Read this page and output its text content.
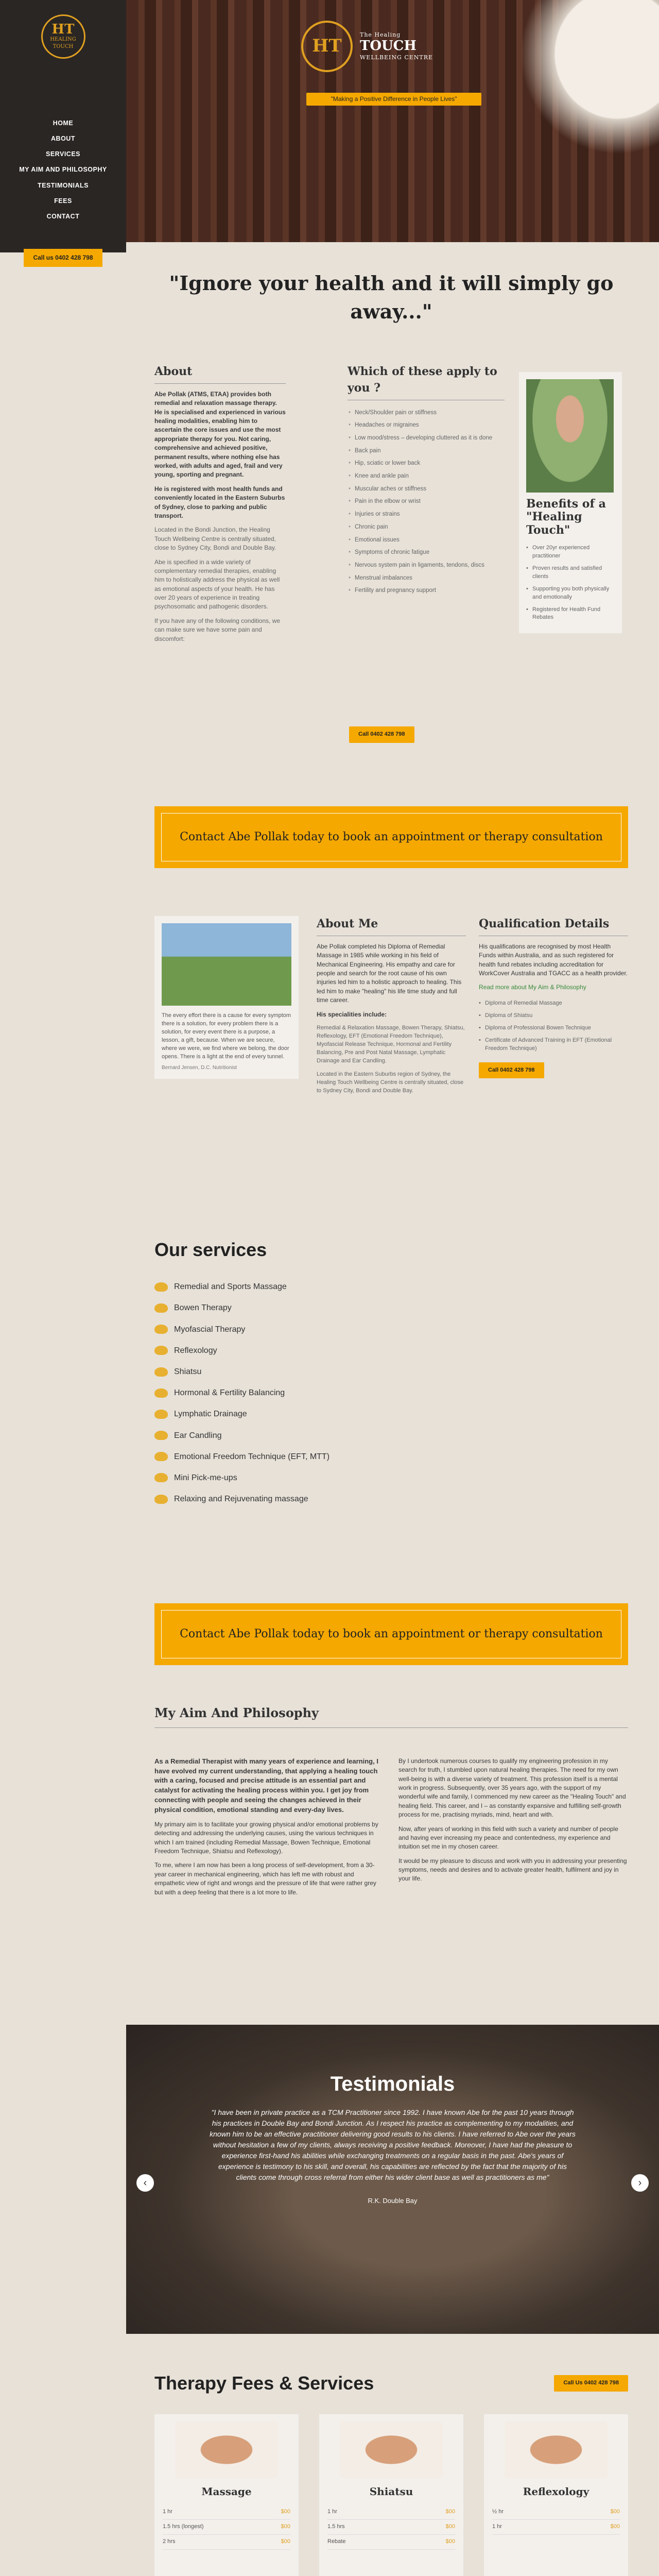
HT
HEALING TOUCH
HOME
ABOUT
SERVICES
MY AIM AND PHILOSOPHY
TESTIMONIALS
FEES
CONTACT
Call us 0402 428 798
HT
The Healing
TOUCH
WELLBEING CENTRE
"Making a Positive Difference in People Lives"
"Ignore your health and it will simply go away..."
About

Abe Pollak (ATMS, ETAA) provides both remedial and relaxation massage therapy. He is specialised and experienced in various healing modalities, enabling him to ascertain the core issues and use the most appropriate therapy for you. Not caring, comprehensive and achieved positive, permanent results, where nothing else has worked, with adults and aged, frail and very young, sporting and pregnant.

He is registered with most health funds and conveniently located in the Eastern Suburbs of Sydney, close to parking and public transport.

Located in the Bondi Junction, the Healing Touch Wellbeing Centre is centrally situated, close to Sydney City, Bondi and Double Bay.

Abe is specified in a wide variety of complementary remedial therapies, enabling him to holistically address the physical as well as emotional aspects of your health. He has over 20 years of experience in treating psychosomatic and pathogenic disorders.

If you have any of the following conditions, we can make sure we have some pain and discomfort:

Which of these apply to you ?
• Neck/Shoulder pain or stiffness
• Headaches or migraines
• Low mood/stress – developing cluttered as it is done
• Back pain
• Hip, sciatic or lower back
• Knee and ankle pain
• Muscular aches or stiffness
• Pain in the elbow or wrist
• Injuries or strains
• Chronic pain
• Emotional issues
• Symptoms of chronic fatigue
• Nervous system pain in ligaments, tendons, discs
• Menstrual imbalances
• Fertility and pregnancy support
Benefits of a "Healing Touch"
• Over 20yr experienced practitioner
• Proven results and satisfied clients
• Supporting you both physically and emotionally
• Registered for Health Fund Rebates
Call 0402 428 798
Contact Abe Pollak today to book an appointment or therapy consultation

The every effort there is a cause for every symptom there is a solution, for every problem there is a solution, for every event there is a purpose, a lesson, a gift, because. When we are secure, where we were, we find where we belong, the door opens. There is a light at the end of every tunnel.

Bernard Jensen, D.C. Nutritionist
About Me

Abe Pollak completed his Diploma of Remedial Massage in 1985 while working in his field of Mechanical Engineering. His empathy and care for people and search for the root cause of his own injuries led him to a holistic approach to healing. This led him to make "healing" his life time study and full time career.

His specialities include:

Remedial & Relaxation Massage, Bowen Therapy, Shiatsu, Reflexology, EFT (Emotional Freedom Technique), Myofascial Release Technique, Hormonal and Fertility Balancing, Pre and Post Natal Massage, Lymphatic Drainage and Ear Candling.

Located in the Eastern Suburbs region of Sydney, the Healing Touch Wellbeing Centre is centrally situated, close to Sydney City, Bondi and Double Bay.

Qualification Details

His qualifications are recognised by most Health Funds within Australia, and as such registered for health fund rebates including accreditation for WorkCover Australia and TGACC as a health provider.

Read more about My Aim & Philosophy

• Diploma of Remedial Massage
• Diploma of Shiatsu
• Diploma of Professional Bowen Technique
• Certificate of Advanced Training in EFT (Emotional Freedom Technique)
Call 0402 428 798
Our services
Remedial and Sports Massage
Bowen Therapy
Myofascial Therapy
Reflexology
Shiatsu
Hormonal & Fertility Balancing
Lymphatic Drainage
Ear Candling
Emotional Freedom Technique (EFT, MTT)
Mini Pick-me-ups
Relaxing and Rejuvenating massage
Contact Abe Pollak today to book an appointment or therapy consultation
My Aim And Philosophy

As a Remedial Therapist with many years of experience and learning, I have evolved my current understanding, that applying a healing touch with a caring, focused and precise attitude is an essential part and catalyst for activating the healing process within you. I get joy from connecting with people and seeing the changes achieved in their physical condition, emotional standing and every-day lives.

My primary aim is to facilitate your growing physical and/or emotional problems by detecting and addressing the underlying causes, using the various techniques in which I am trained (including Remedial Massage, Bowen Technique, Emotional Freedom Technique, Shiatsu and Reflexology).

To me, where I am now has been a long process of self-development, from a 30-year career in mechanical engineering, which has left me with robust and empathetic view of right and wrongs and the pressure of life that were rather grey but with a deep feeling that there is a lot more to life.

By I undertook numerous courses to qualify my engineering profession in my search for truth, I stumbled upon natural healing therapies. The need for my own well-being is with a diverse variety of treatment. This profession itself is a mental work in progress. Subsequently, over 35 years ago, with the support of my wonderful wife and family, I commenced my new career as the "Healing Touch" and healing field. This career, and I – as constantly expansive and fulfilling self-growth process for me, practising myriads, mind, heart and with.

Now, after years of working in this field with such a variety and number of people and having ever increasing my peace and contentedness, my experience and intuition set me in my chosen career.

It would be my pleasure to discuss and work with you in addressing your presenting symptoms, needs and desires and to activate greater health, fulfilment and joy in your life.

Testimonials

"I have been in private practice as a TCM Practitioner since 1992. I have known Abe for the past 10 years through his practices in Double Bay and Bondi Junction. As I respect his practice as complementing to my modalities, and known him to be an effective practitioner delivering good results to his clients. I have referred to Abe over the years without hesitation a few of my clients, always receiving a positive feedback. Moreover, I have had the pleasure to experience first-hand his abilities while exchanging treatments on a regular basis in the past. Abe's years of experience is testimony to his skill, and overall, his capabilities are reflected by the fact that the majority of his clients come through cross referral from either his wider client base as well as practitioners as me"

R.K. Double Bay
‹	›
Therapy Fees & Services	Call Us 0402 428 798
Massage
1 hr	$00
1.5 hrs (longest)	$00
2 hrs	$00
Shiatsu
1 hr	$00
1.5 hrs	$00
Rebate	$00
Reflexology
½ hr	$00
1 hr	$00
